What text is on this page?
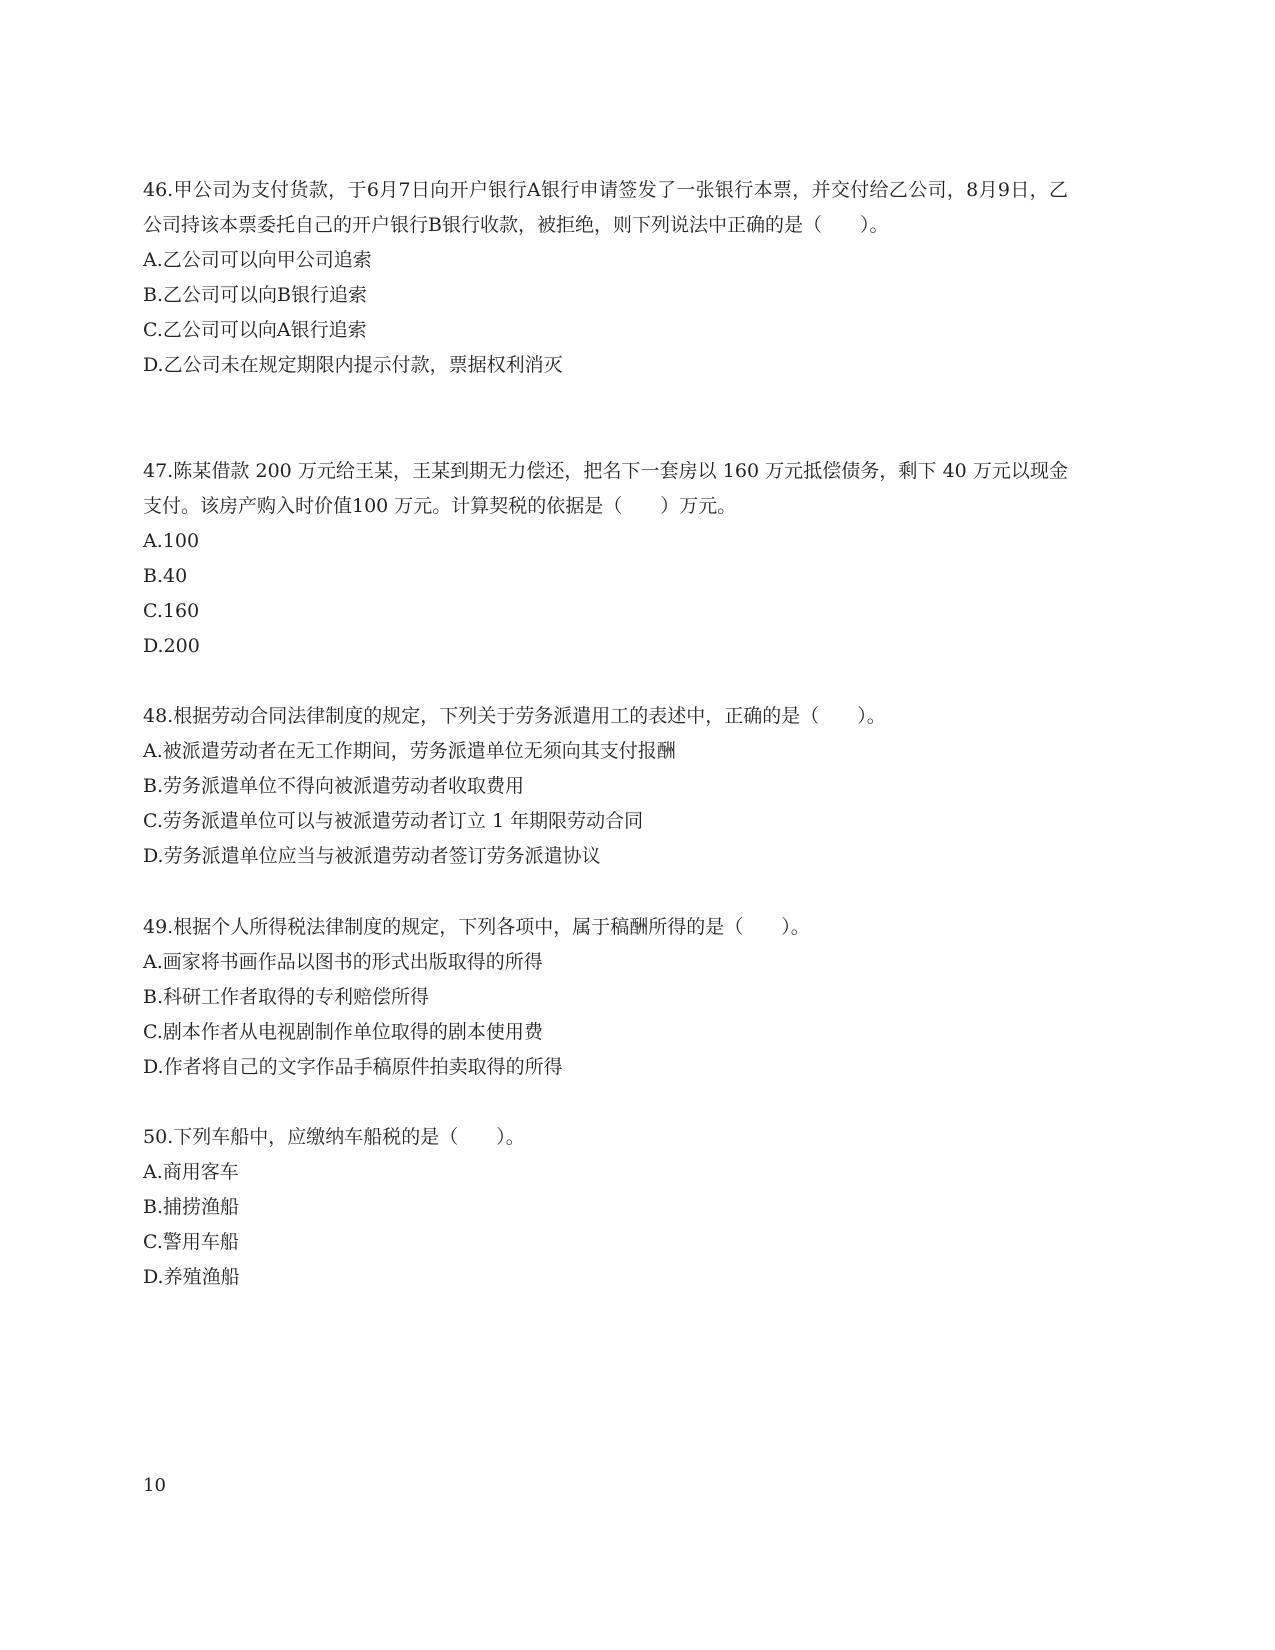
46.甲公司为支付货款，于6月7日向开户银行A银行申请签发了一张银行本票，并交付给乙公司，8月9日，乙公司持该本票委托自己的开户银行B银行收款，被拒绝，则下列说法中正确的是（　　）。
A.乙公司可以向甲公司追索
B.乙公司可以向B银行追索
C.乙公司可以向A银行追索
D.乙公司未在规定期限内提示付款，票据权利消灭
47.陈某借款 200 万元给王某，王某到期无力偿还，把名下一套房以 160 万元抵偿债务，剩下 40 万元以现金支付。该房产购入时价值100 万元。计算契税的依据是（　　）万元。
A.100
B.40
C.160
D.200
48.根据劳动合同法律制度的规定，下列关于劳务派遣用工的表述中，正确的是（　　）。
A.被派遣劳动者在无工作期间，劳务派遣单位无须向其支付报酬
B.劳务派遣单位不得向被派遣劳动者收取费用
C.劳务派遣单位可以与被派遣劳动者订立 1 年期限劳动合同
D.劳务派遣单位应当与被派遣劳动者签订劳务派遣协议
49.根据个人所得税法律制度的规定，下列各项中，属于稿酬所得的是（　　）。
A.画家将书画作品以图书的形式出版取得的所得
B.科研工作者取得的专利赔偿所得
C.剧本作者从电视剧制作单位取得的剧本使用费
D.作者将自己的文字作品手稿原件拍卖取得的所得
50.下列车船中，应缴纳车船税的是（　　）。
A.商用客车
B.捕捞渔船
C.警用车船
D.养殖渔船
10
